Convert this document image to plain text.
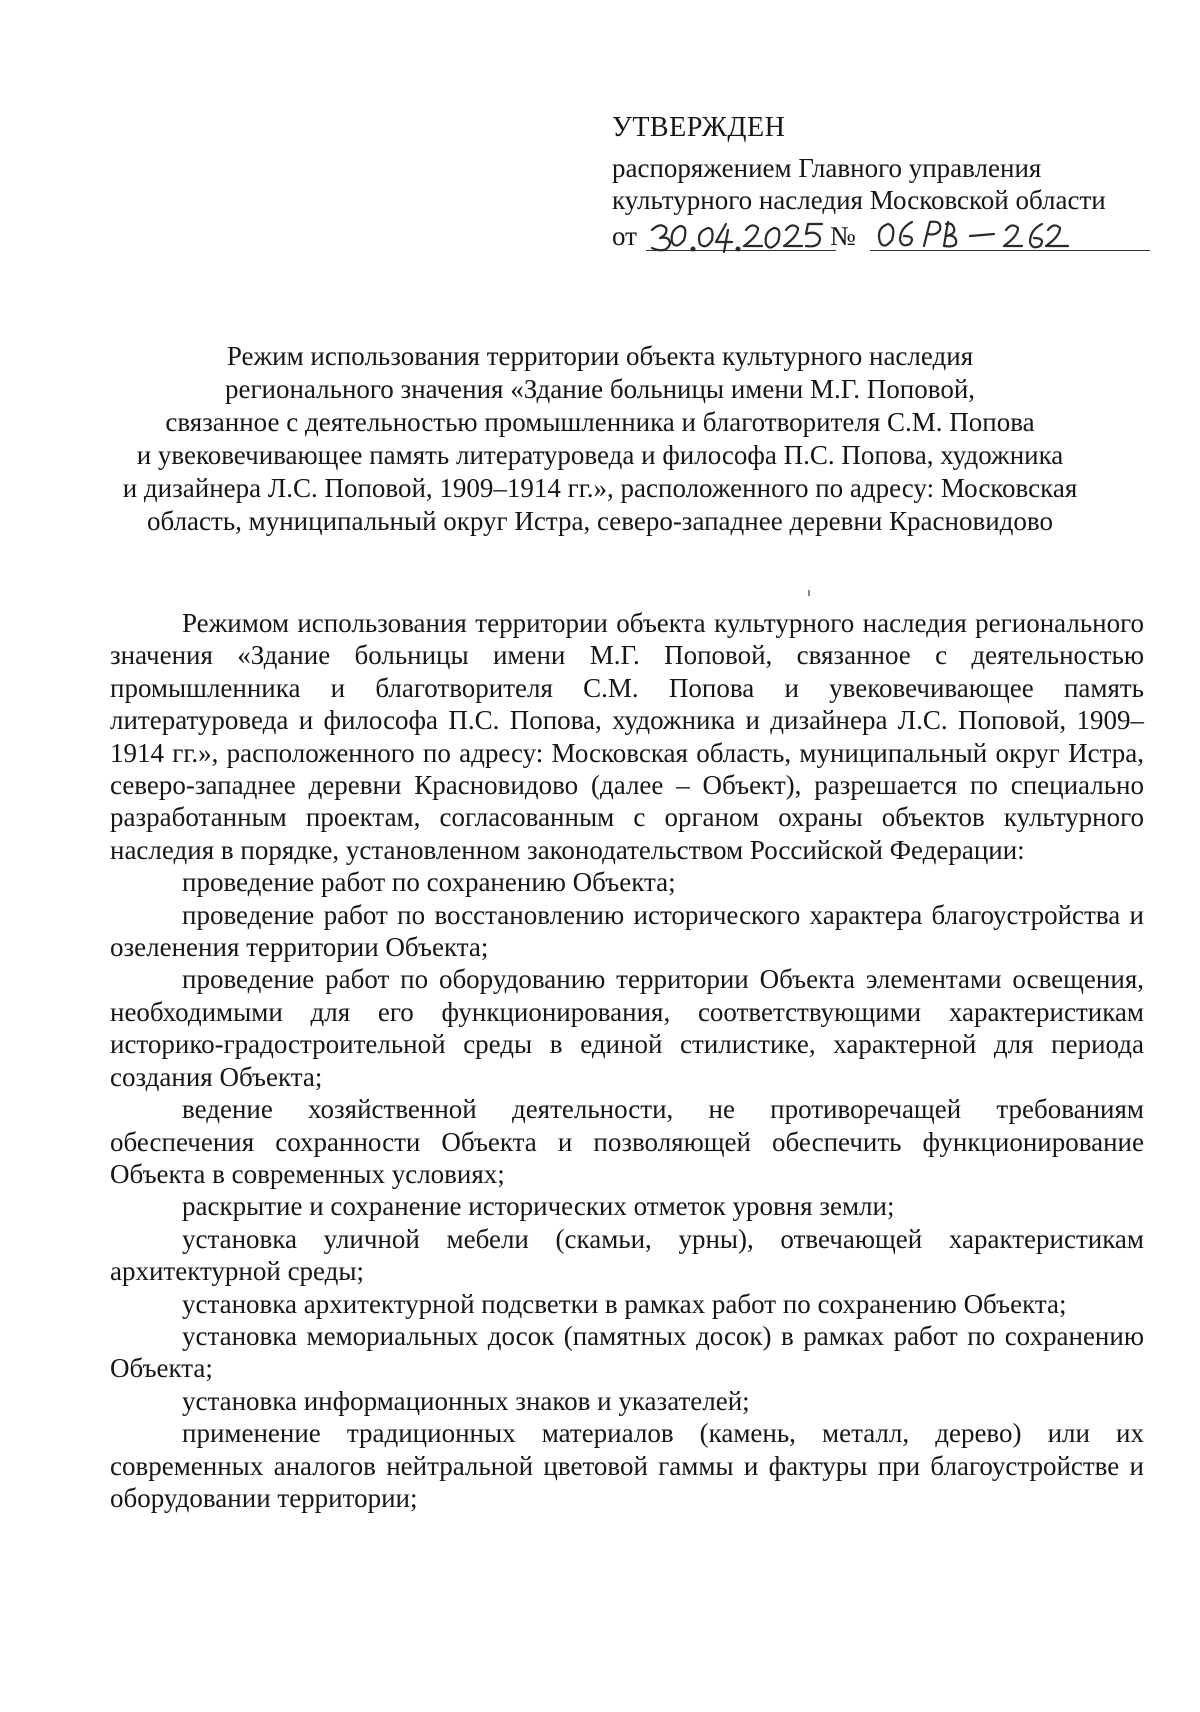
УТВЕРЖДЕН
распоряжением Главного управления
культурного наследия Московской области
от	№
Режим использования территории объекта культурного наследия
регионального значения «Здание больницы имени М.Г. Поповой,
связанное с деятельностью промышленника и благотворителя С.М. Попова
и увековечивающее память литературоведа и философа П.С. Попова, художника
и дизайнера Л.С. Поповой, 1909–1914 гг.», расположенного по адресу: Московская
область, муниципальный округ Истра, северо-западнее деревни Красновидово

Режимом использования территории объекта культурного наследия регионального значения «Здание больницы имени М.Г. Поповой, связанное с деятельностью промышленника и благотворителя С.М. Попова и увековечивающее память литературоведа и философа П.С. Попова, художника и дизайнера Л.С. Поповой, 1909–1914 гг.», расположенного по адресу: Московская область, муниципальный округ Истра, северо-западнее деревни Красновидово (далее – Объект), разрешается по специально разработанным проектам, согласованным с органом охраны объектов культурного наследия в порядке, установленном законодательством Российской Федерации:

проведение работ по сохранению Объекта;

проведение работ по восстановлению исторического характера благоустройства и озеленения территории Объекта;

проведение работ по оборудованию территории Объекта элементами освещения, необходимыми для его функционирования, соответствующими характеристикам историко-градостроительной среды в единой стилистике, характерной для периода создания Объекта;

ведение хозяйственной деятельности, не противоречащей требованиям обеспечения сохранности Объекта и позволяющей обеспечить функционирование Объекта в современных условиях;

раскрытие и сохранение исторических отметок уровня земли;

установка уличной мебели (скамьи, урны), отвечающей характеристикам архитектурной среды;

установка архитектурной подсветки в рамках работ по сохранению Объекта;

установка мемориальных досок (памятных досок) в рамках работ по сохранению Объекта;

установка информационных знаков и указателей;

применение традиционных материалов (камень, металл, дерево) или их современных аналогов нейтральной цветовой гаммы и фактуры при благоустройстве и оборудовании территории;
